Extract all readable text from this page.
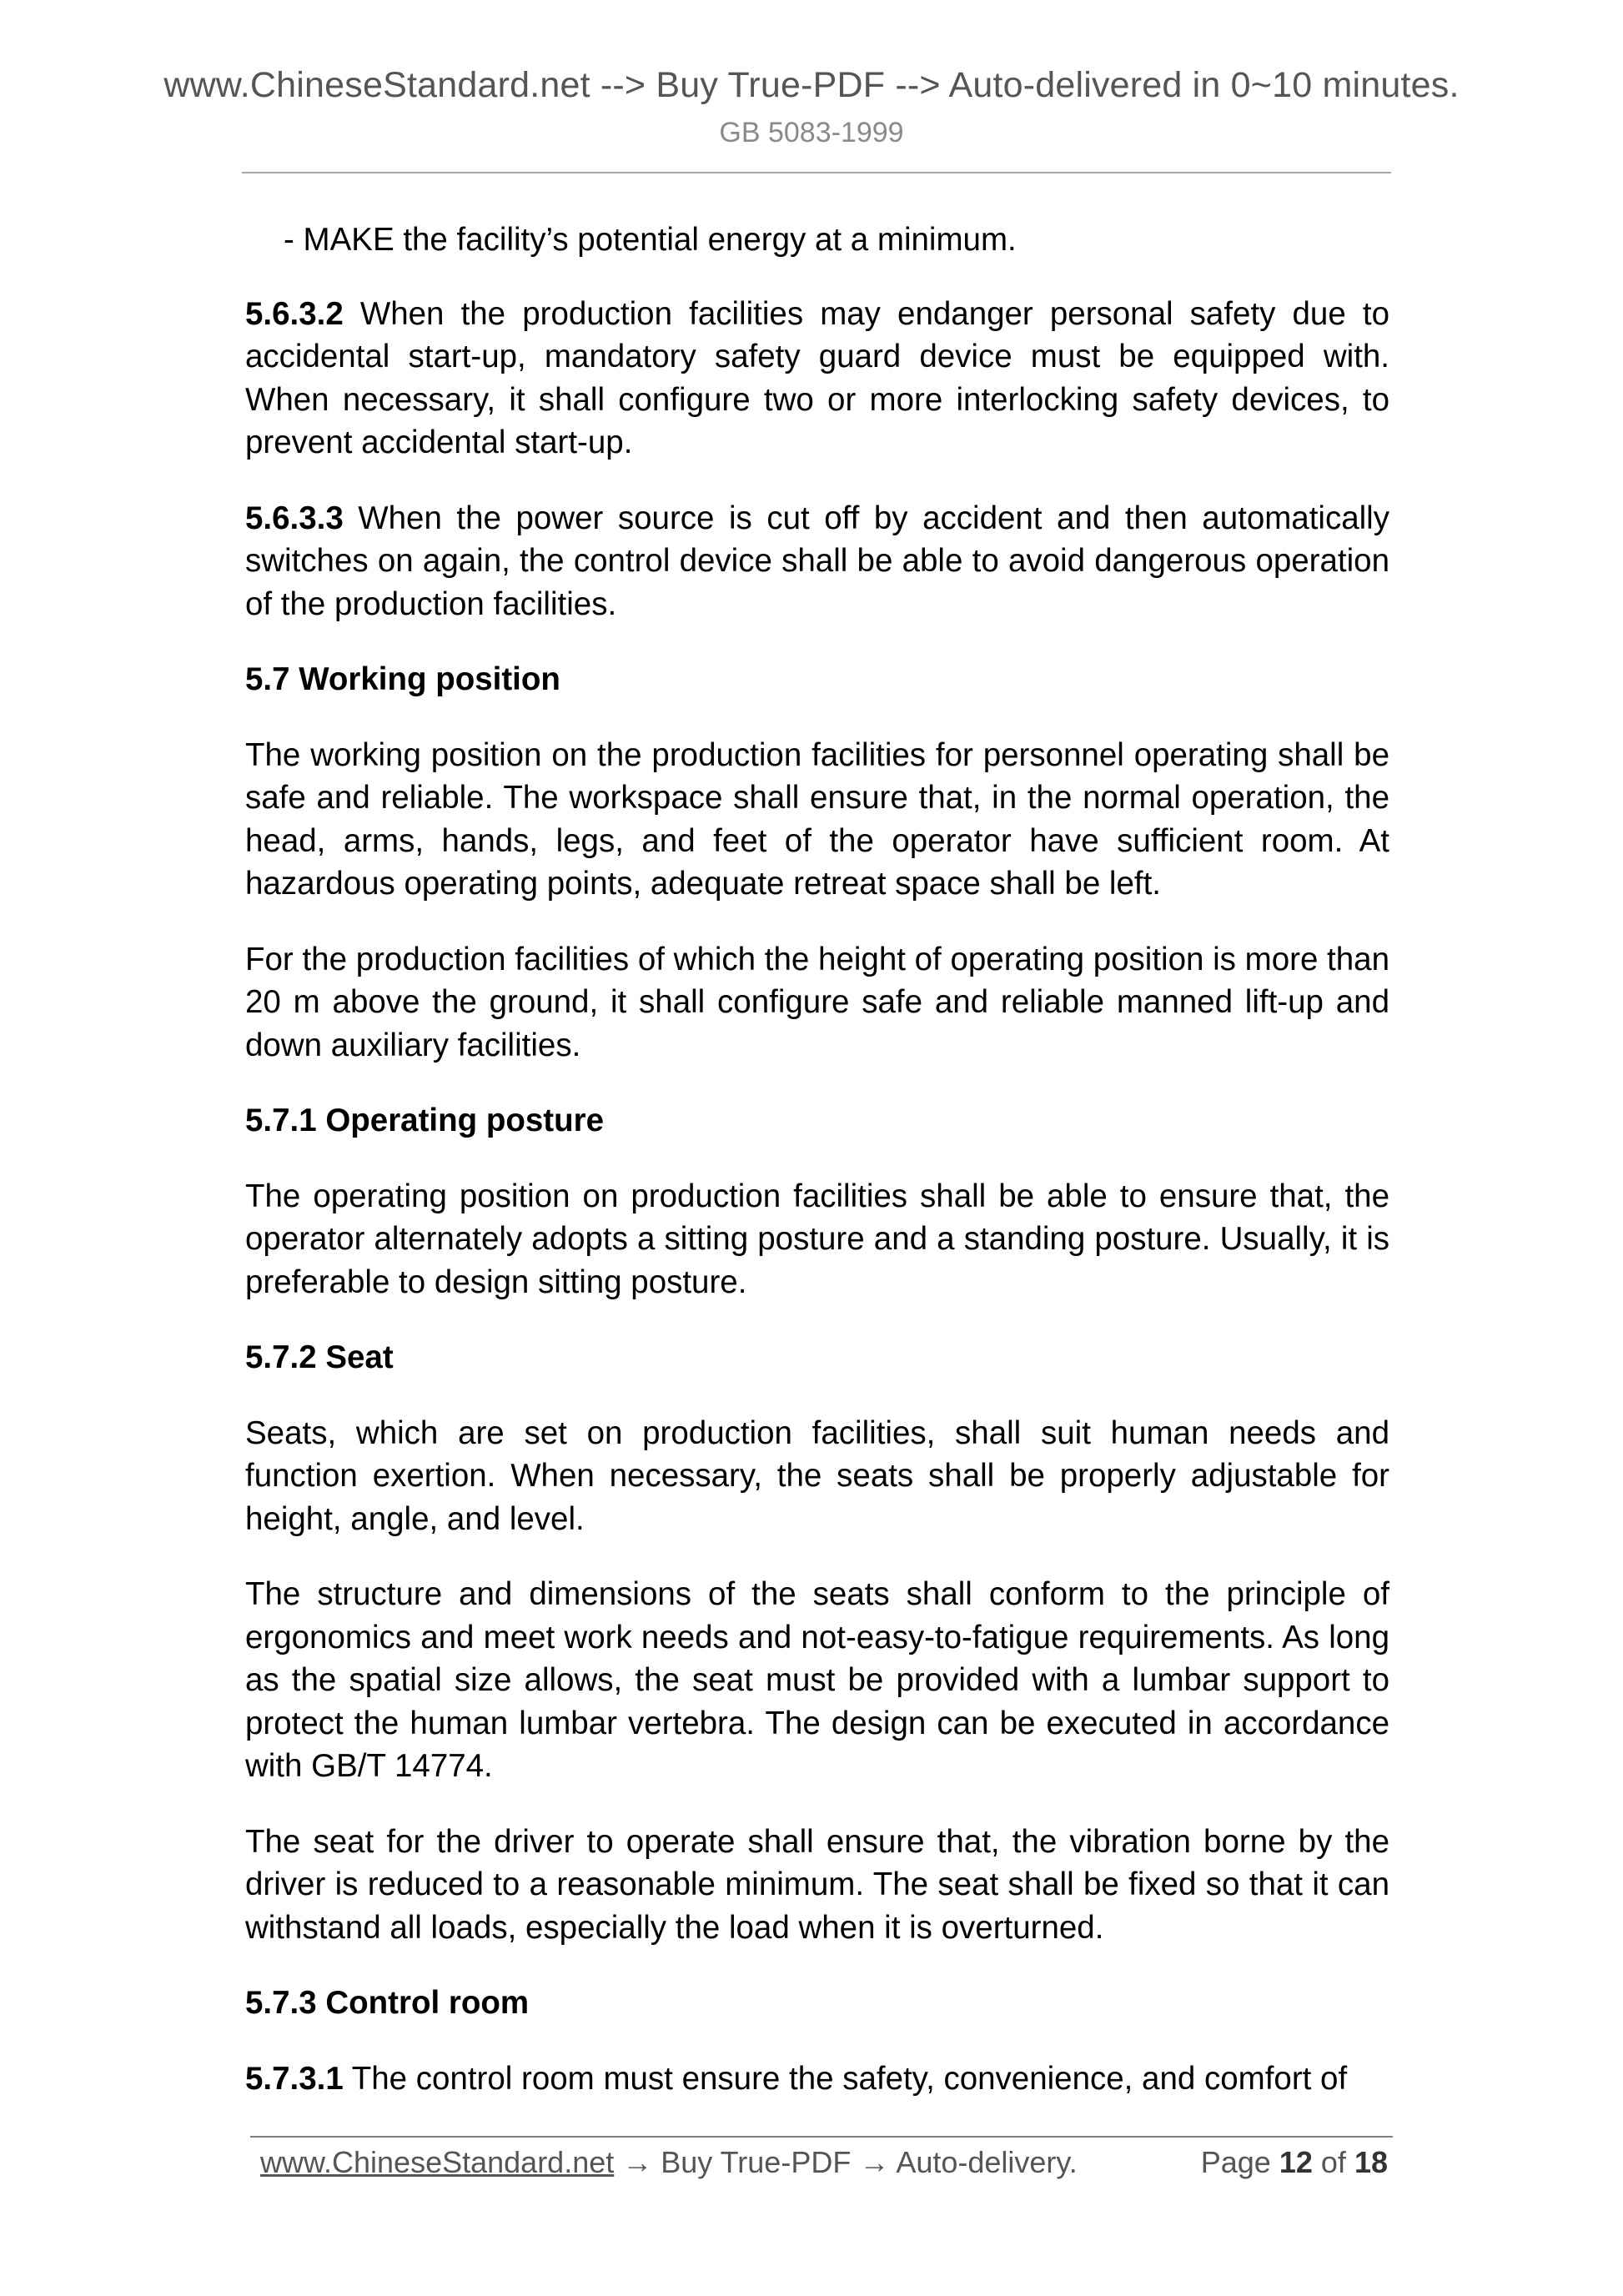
www.ChineseStandard.net --> Buy True-PDF --> Auto-delivered in 0~10 minutes.
GB 5083-1999

- MAKE the facility’s potential energy at a minimum.

5.6.3.2 When the production facilities may endanger personal safety due to accidental start-up, mandatory safety guard device must be equipped with. When necessary, it shall configure two or more interlocking safety devices, to prevent accidental start-up.

5.6.3.3 When the power source is cut off by accident and then automatically switches on again, the control device shall be able to avoid dangerous operation of the production facilities.

5.7 Working position

The working position on the production facilities for personnel operating shall be safe and reliable. The workspace shall ensure that, in the normal operation, the head, arms, hands, legs, and feet of the operator have sufficient room. At hazardous operating points, adequate retreat space shall be left.

For the production facilities of which the height of operating position is more than 20 m above the ground, it shall configure safe and reliable manned lift-up and down auxiliary facilities.

5.7.1 Operating posture

The operating position on production facilities shall be able to ensure that, the operator alternately adopts a sitting posture and a standing posture. Usually, it is preferable to design sitting posture.

5.7.2 Seat

Seats, which are set on production facilities, shall suit human needs and function exertion. When necessary, the seats shall be properly adjustable for height, angle, and level.

The structure and dimensions of the seats shall conform to the principle of ergonomics and meet work needs and not-easy-to-fatigue requirements. As long as the spatial size allows, the seat must be provided with a lumbar support to protect the human lumbar vertebra. The design can be executed in accordance with GB/T 14774.

The seat for the driver to operate shall ensure that, the vibration borne by the driver is reduced to a reasonable minimum. The seat shall be fixed so that it can withstand all loads, especially the load when it is overturned.

5.7.3 Control room

5.7.3.1 The control room must ensure the safety, convenience, and comfort of

www.ChineseStandard.net → Buy True-PDF → Auto-delivery.	Page 12 of 18
